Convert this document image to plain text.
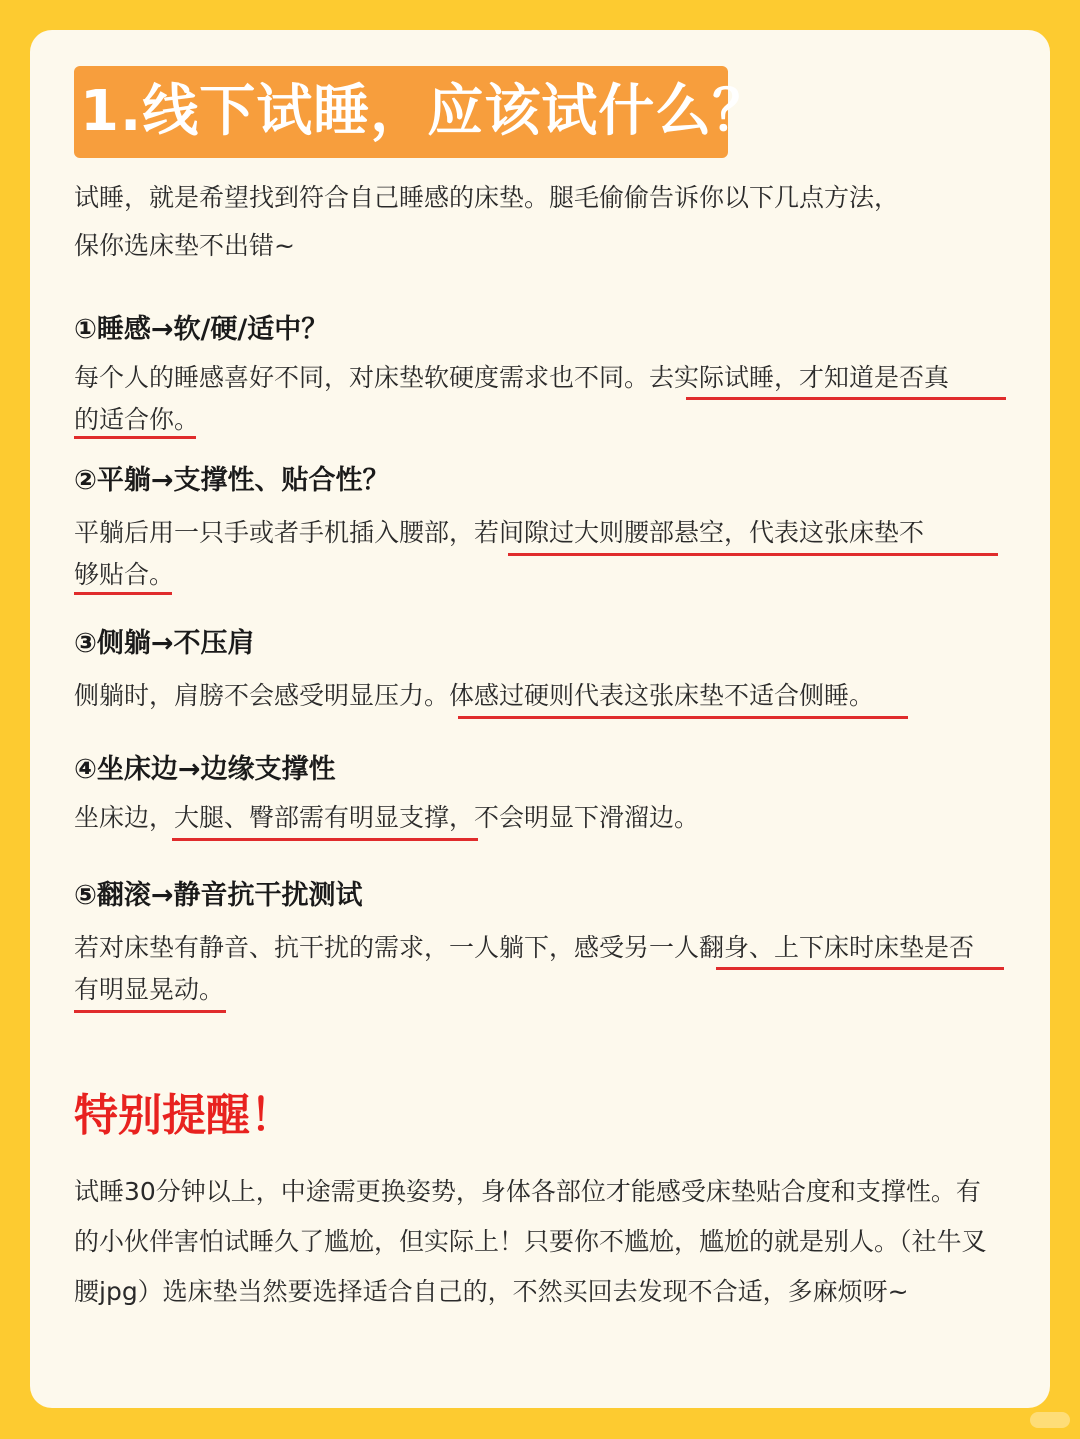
1.线下试睡，应该试什么？
试睡，就是希望找到符合自己睡感的床垫。腿毛偷偷告诉你以下几点方法，
保你选床垫不出错~
①睡感→软/硬/适中？
每个人的睡感喜好不同，对床垫软硬度需求也不同。去实际试睡，才知道是否真
的适合你。
②平躺→支撑性、贴合性？
平躺后用一只手或者手机插入腰部，若间隙过大则腰部悬空，代表这张床垫不
够贴合。
③侧躺→不压肩
侧躺时，肩膀不会感受明显压力。体感过硬则代表这张床垫不适合侧睡。
④坐床边→边缘支撑性
坐床边，大腿、臀部需有明显支撑，不会明显下滑溜边。
⑤翻滚→静音抗干扰测试
若对床垫有静音、抗干扰的需求，一人躺下，感受另一人翻身、上下床时床垫是否
有明显晃动。
特别提醒！
试睡30分钟以上，中途需更换姿势，身体各部位才能感受床垫贴合度和支撑性。有
的小伙伴害怕试睡久了尴尬，但实际上！只要你不尴尬，尴尬的就是别人。（社牛叉
腰jpg）选床垫当然要选择适合自己的，不然买回去发现不合适，多麻烦呀~
